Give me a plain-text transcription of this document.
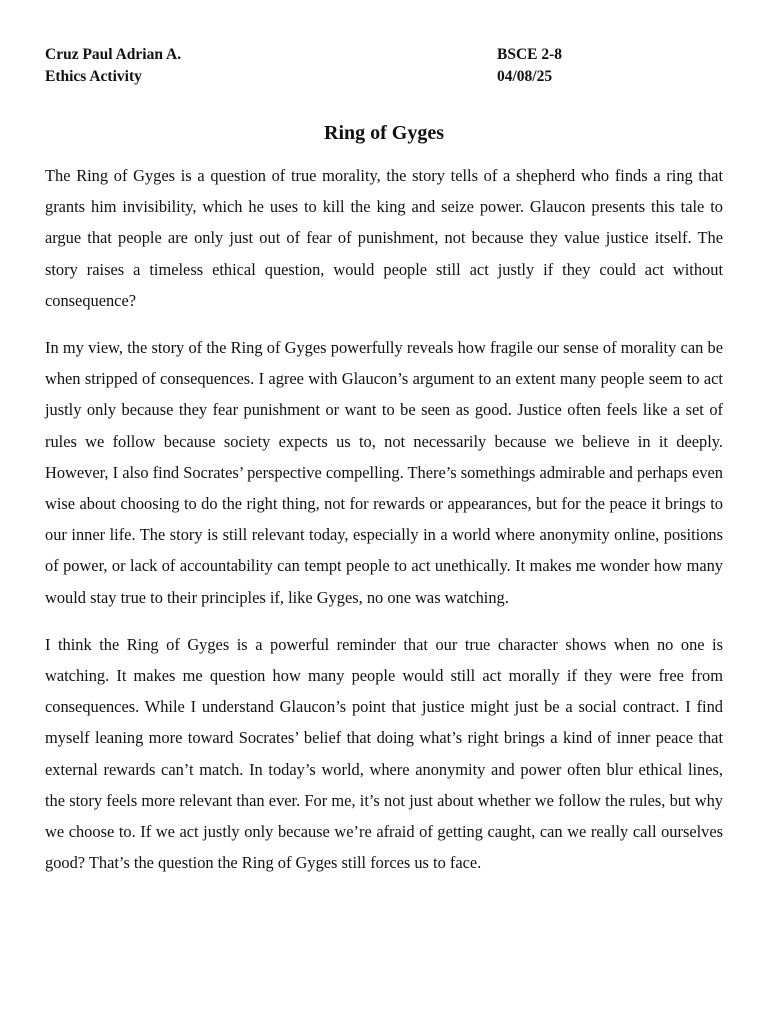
Cruz Paul Adrian A.
Ethics Activity
BSCE 2-8
04/08/25
Ring of Gyges

The Ring of Gyges is a question of true morality, the story tells of a shepherd who finds a ring that grants him invisibility, which he uses to kill the king and seize power. Glaucon presents this tale to argue that people are only just out of fear of punishment, not because they value justice itself. The story raises a timeless ethical question, would people still act justly if they could act without consequence?

In my view, the story of the Ring of Gyges powerfully reveals how fragile our sense of morality can be when stripped of consequences. I agree with Glaucon’s argument to an extent many people seem to act justly only because they fear punishment or want to be seen as good. Justice often feels like a set of rules we follow because society expects us to, not necessarily because we believe in it deeply. However, I also find Socrates’ perspective compelling. There’s somethings admirable and perhaps even wise about choosing to do the right thing, not for rewards or appearances, but for the peace it brings to our inner life. The story is still relevant today, especially in a world where anonymity online, positions of power, or lack of accountability can tempt people to act unethically. It makes me wonder how many would stay true to their principles if, like Gyges, no one was watching.

I think the Ring of Gyges is a powerful reminder that our true character shows when no one is watching. It makes me question how many people would still act morally if they were free from consequences. While I understand Glaucon’s point that justice might just be a social contract. I find myself leaning more toward Socrates’ belief that doing what’s right brings a kind of inner peace that external rewards can’t match. In today’s world, where anonymity and power often blur ethical lines, the story feels more relevant than ever. For me, it’s not just about whether we follow the rules, but why we choose to. If we act justly only because we’re afraid of getting caught, can we really call ourselves good? That’s the question the Ring of Gyges still forces us to face.
